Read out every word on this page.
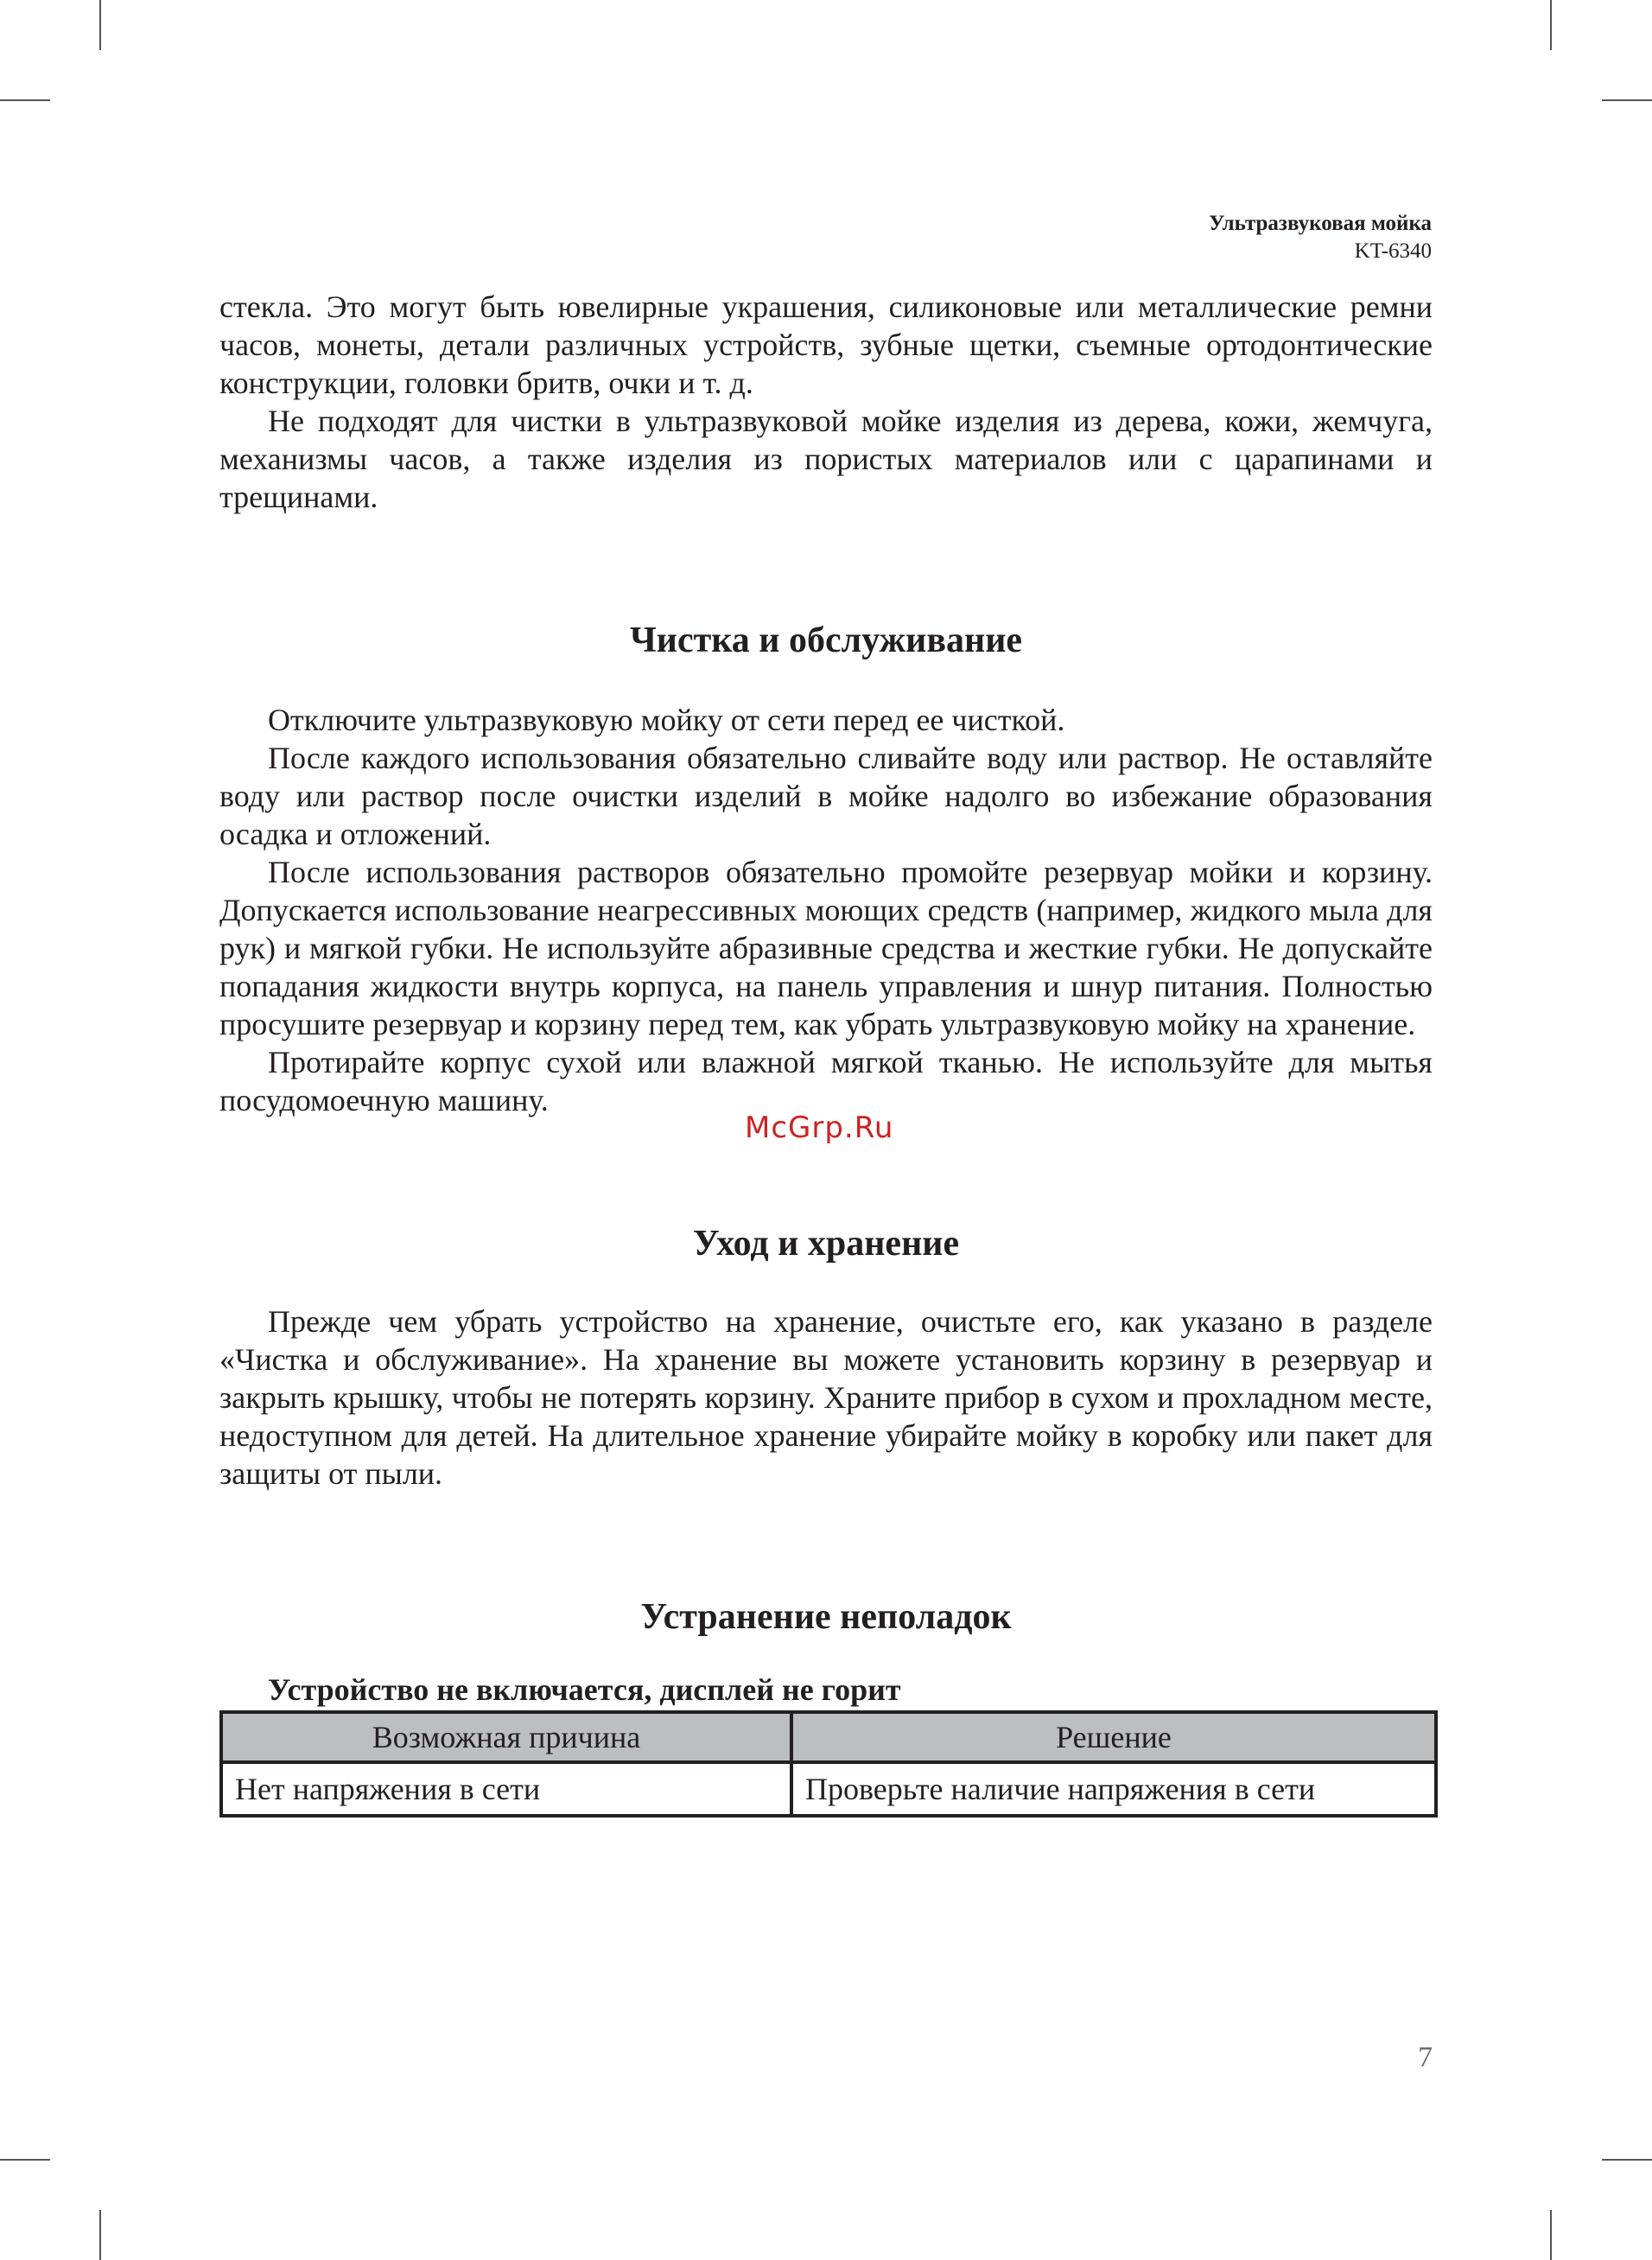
Ультразвуковая мойка
KT-6340

стекла. Это могут быть ювелирные украшения, силиконовые или металлические ремни часов, монеты, детали различных устройств, зубные щетки, съемные ортодонтические конструкции, головки бритв, очки и т. д.

Не подходят для чистки в ультразвуковой мойке изделия из дерева, кожи, жемчуга, механизмы часов, а также изделия из пористых материалов или с царапинами и трещинами.

Чистка и обслуживание

Отключите ультразвуковую мойку от сети перед ее чисткой.

После каждого использования обязательно сливайте воду или раствор. Не оставляйте воду или раствор после очистки изделий в мойке надолго во избежание образования осадка и отложений.

После использования растворов обязательно промойте резервуар мойки и корзину. Допускается использование неагрессивных моющих средств (например, жидкого мыла для рук) и мягкой губки. Не используйте абразивные средства и жесткие губки. Не допускайте попадания жидкости внутрь корпуса, на панель управления и шнур питания. Полностью просушите резервуар и корзину перед тем, как убрать ультразвуковую мойку на хранение.

Протирайте корпус сухой или влажной мягкой тканью. Не используйте для мытья посудомоечную машину.

Уход и хранение

Прежде чем убрать устройство на хранение, очистьте его, как указано в разделе «Чистка и обслуживание». На хранение вы можете установить корзину в резервуар и закрыть крышку, чтобы не потерять корзину. Храните прибор в сухом и прохладном месте, недоступном для детей. На длительное хранение убирайте мойку в коробку или пакет для защиты от пыли.

Устранение неполадок
Устройство не включается, дисплей не горит
Возможная причина	Решение
Нет напряжения в сети	Проверьте наличие напряжения в сети
McGrp.Ru
7
